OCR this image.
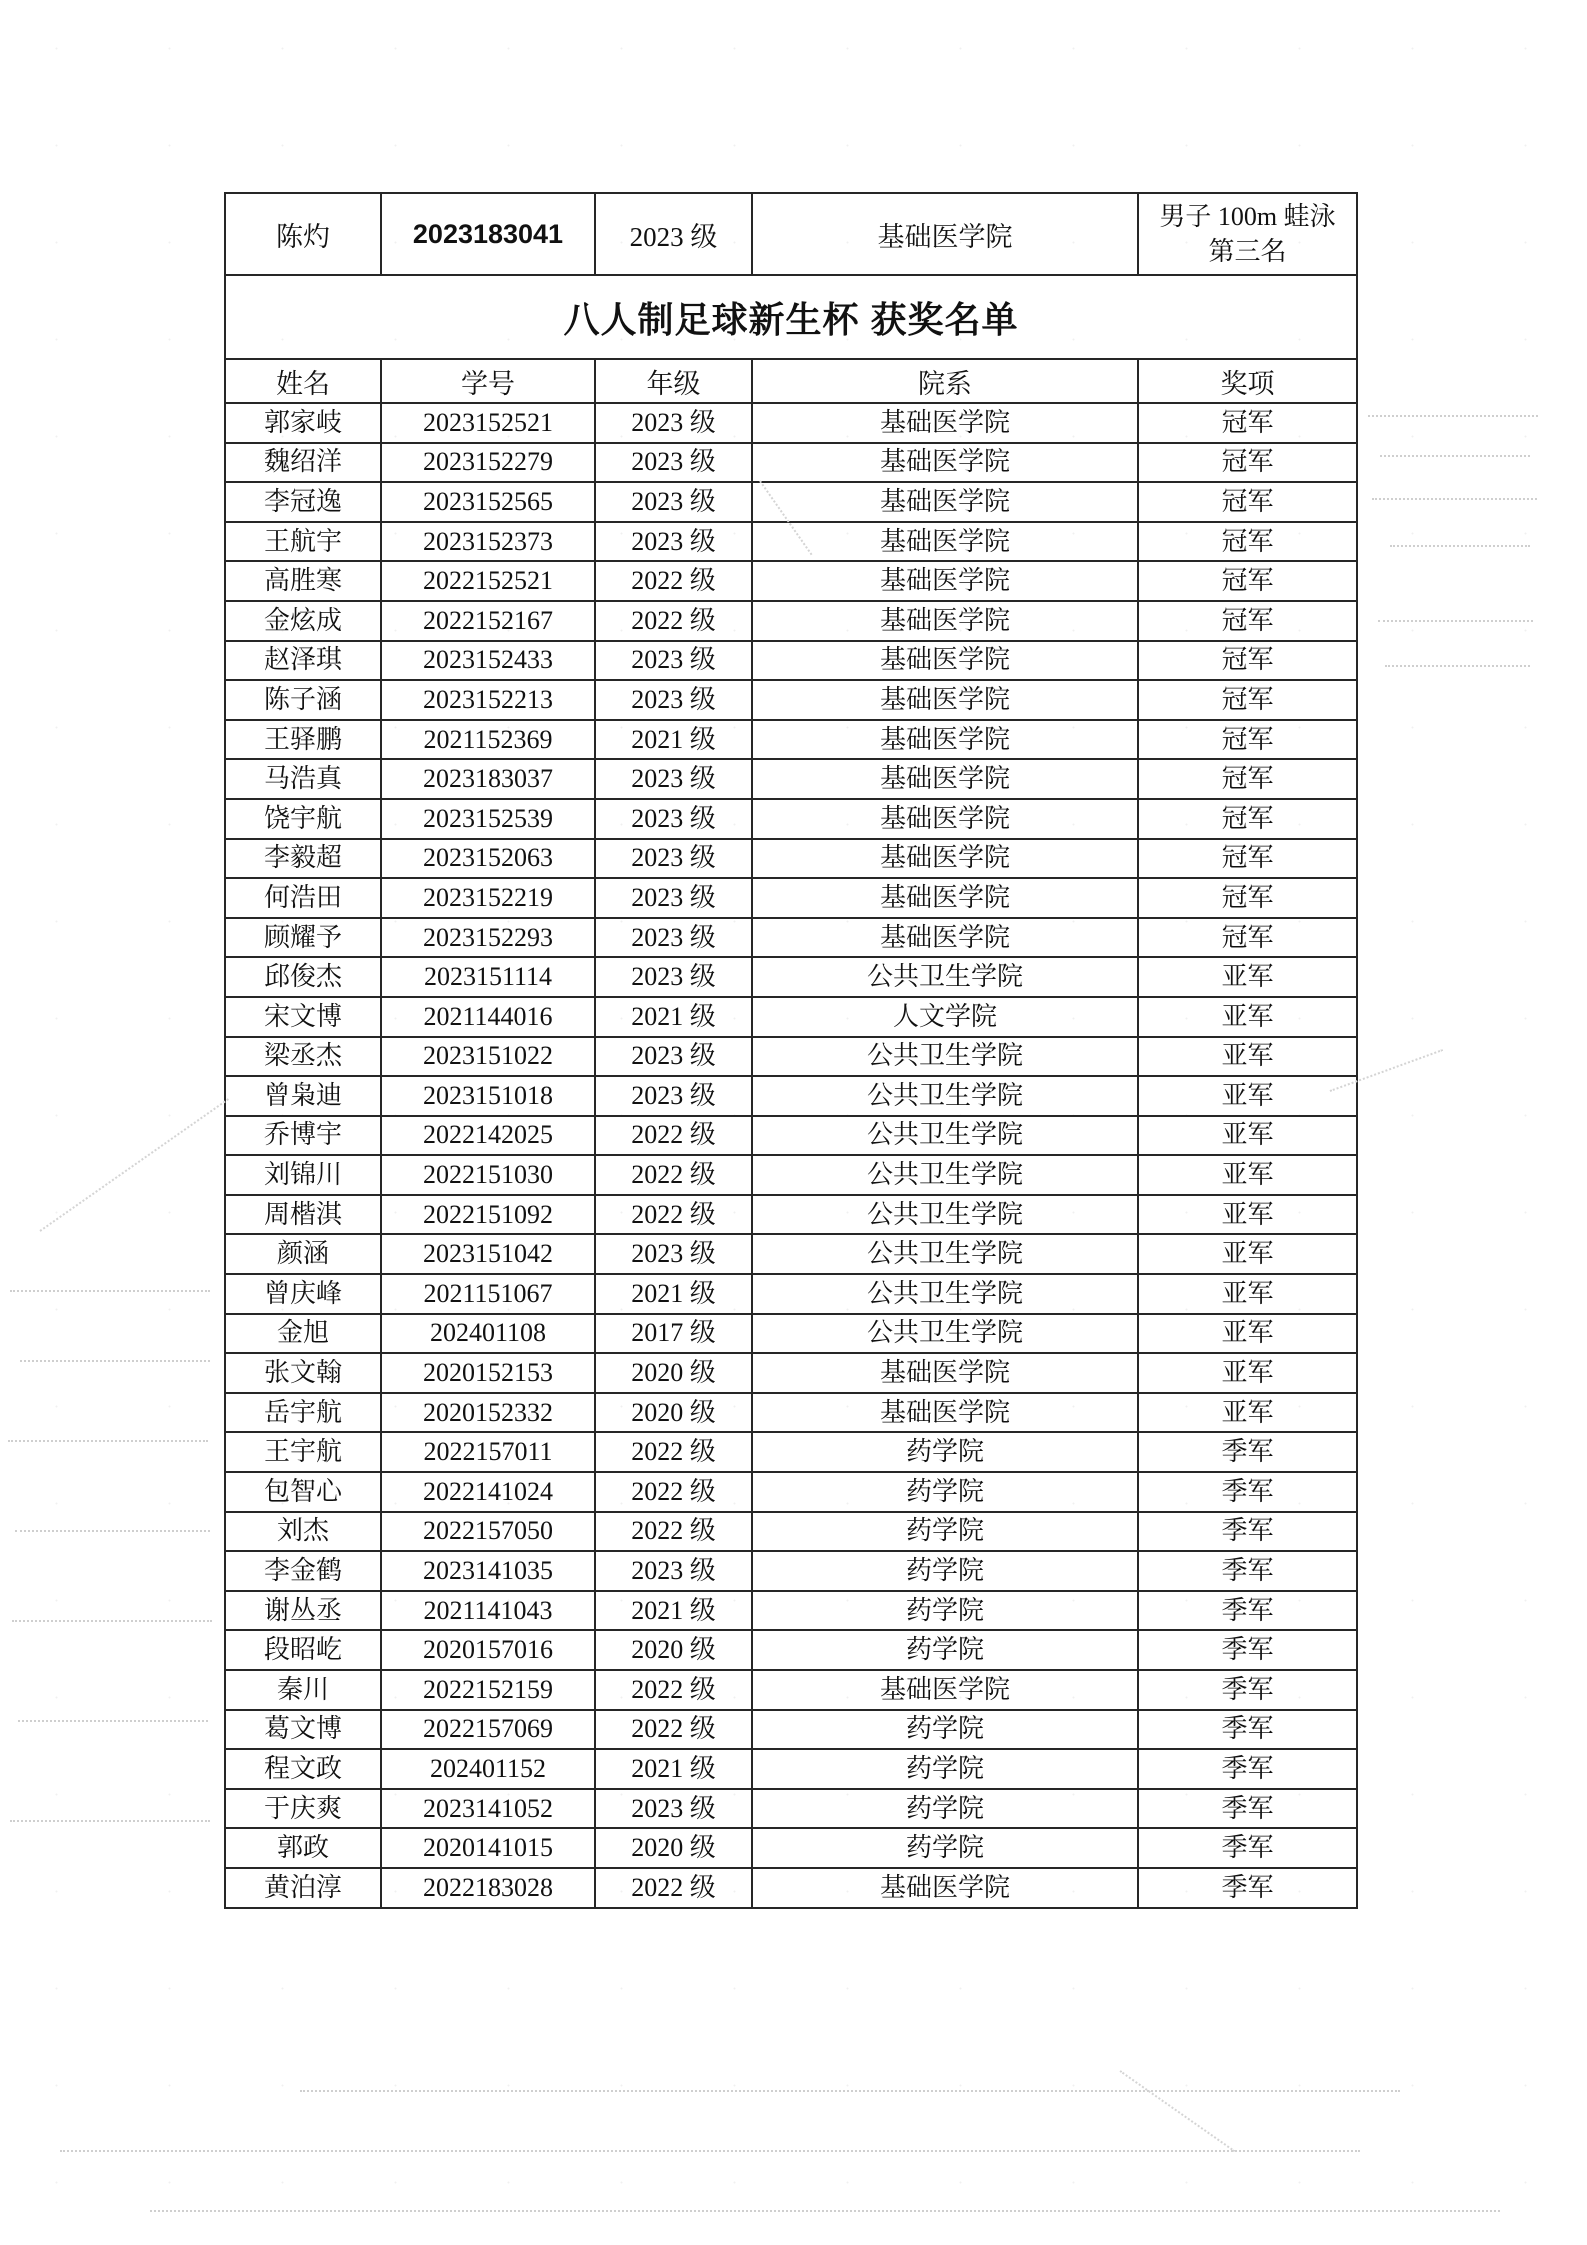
陈灼	2023183041	2023 级	基础医学院	男子 100m 蛙泳 第三名
八人制足球新生杯 获奖名单				
姓名	学号	年级	院系	奖项
郭家岐	2023152521	2023 级	基础医学院	冠军
魏绍洋	2023152279	2023 级	基础医学院	冠军
李冠逸	2023152565	2023 级	基础医学院	冠军
王航宇	2023152373	2023 级	基础医学院	冠军
高胜寒	2022152521	2022 级	基础医学院	冠军
金炫成	2022152167	2022 级	基础医学院	冠军
赵泽琪	2023152433	2023 级	基础医学院	冠军
陈子涵	2023152213	2023 级	基础医学院	冠军
王驿鹏	2021152369	2021 级	基础医学院	冠军
马浩真	2023183037	2023 级	基础医学院	冠军
饶宇航	2023152539	2023 级	基础医学院	冠军
李毅超	2023152063	2023 级	基础医学院	冠军
何浩田	2023152219	2023 级	基础医学院	冠军
顾耀予	2023152293	2023 级	基础医学院	冠军
邱俊杰	2023151114	2023 级	公共卫生学院	亚军
宋文博	2021144016	2021 级	人文学院	亚军
梁丞杰	2023151022	2023 级	公共卫生学院	亚军
曾枭迪	2023151018	2023 级	公共卫生学院	亚军
乔博宇	2022142025	2022 级	公共卫生学院	亚军
刘锦川	2022151030	2022 级	公共卫生学院	亚军
周楷淇	2022151092	2022 级	公共卫生学院	亚军
颜涵	2023151042	2023 级	公共卫生学院	亚军
曾庆峰	2021151067	2021 级	公共卫生学院	亚军
金旭	202401108	2017 级	公共卫生学院	亚军
张文翰	2020152153	2020 级	基础医学院	亚军
岳宇航	2020152332	2020 级	基础医学院	亚军
王宇航	2022157011	2022 级	药学院	季军
包智心	2022141024	2022 级	药学院	季军
刘杰	2022157050	2022 级	药学院	季军
李金鹤	2023141035	2023 级	药学院	季军
谢丛丞	2021141043	2021 级	药学院	季军
段昭屹	2020157016	2020 级	药学院	季军
秦川	2022152159	2022 级	基础医学院	季军
葛文博	2022157069	2022 级	药学院	季军
程文政	202401152	2021 级	药学院	季军
于庆爽	2023141052	2023 级	药学院	季军
郭政	2020141015	2020 级	药学院	季军
黄泊淳	2022183028	2022 级	基础医学院	季军
